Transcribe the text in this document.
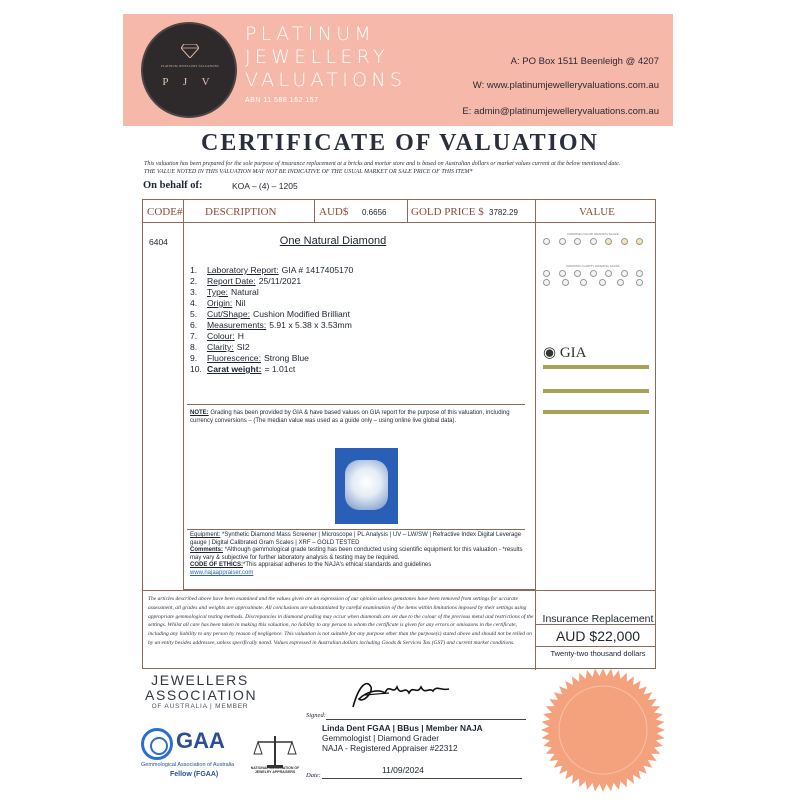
PLATINUM JEWELLERY VALUATIONS
P J V
PLATINUM
JEWELLERY
VALUATIONS
ABN 11 588 162 157
A: PO Box 1511 Beenleigh @ 4207
W: www.platinumjewelleryvaluations.com.au
E: admin@platinumjewelleryvaluations.com.au
CERTIFICATE OF VALUATION
This valuation has been prepared for the sole purpose of insurance replacement at a bricks and mortar store and is based on Australian dollars or market values current at the below mentioned date.
THE VALUE NOTED IN THIS VALUATION MAY NOT BE INDICATIVE OF THE USUAL MARKET OR SALE PRICE OF THIS ITEM*
On behalf of:	KOA – (4) – 1205
CODE# DESCRIPTION	AUD$ 0.6656 GOLD PRICE $ 3782.29	VALUE
6404	One Natural Diamond
1.	Laboratory Report: GIA # 1417405170
2.	Report Date: 25/11/2021
3.	Type: Natural
4.	Origin: Nil
5.	Cut/Shape: Cushion Modified Brilliant
6.	Measurements: 5.91 x 5.38 x 3.53mm
7.	Colour: H
8.	Clarity: SI2
9.	Fluorescence: Strong Blue
10. Carat weight: = 1.01ct
NOTE: Grading has been provided by GIA & have based values on GIA report for the purpose of this valuation, including currency conversions – (The median value was used as a guide only – using online live global data).
Equipment: *Synthetic Diamond Mass Screener | Microscope | PL Analysis | UV – LW/SW | Refractive Index Digital Leverage gauge | Digital Calibrated Gram Scales | XRF – GOLD TESTED
Comments: *Although gemmological grade testing has been conducted using scientific equipment for this valuation - *results may vary & subjective for further laboratory analysis & testing may be required.
CODE OF ETHICS:*This appraisal adheres to the NAJA's ethical standards and guidelines
www.najaappraiser.com
DIAMOND COLOR GRADING SCALE
DIAMOND CLARITY GRADING SCALE
◉ GIA
The articles described above have been examined and the values given are an expression of our opinion unless gemstones have been removed from settings for accurate assessment, all grades and weights are approximate. All conclusions are substantiated by careful examination of the items within limitations imposed by their settings using appropriate gemmological testing methods. Discrepancies in diamond grading may occur when diamonds are set due to the colour of the precious metal and restrictions of the settings. Whilst all care has been taken in making this valuation, no liability to any person to whom the certificate is given for any errors or omissions in the certificate, including any liability to any person by reason of negligence. This valuation is not suitable for any purpose other than the purpose(s) stated above and should not be relied on by an entity besides addressee, unless specifically noted. Values expressed in Australian dollars including Goods & Services Tax (GST) and current market conditions.
Insurance Replacement
AUD $22,000
Twenty-two thousand dollars
JEWELLERS
ASSOCIATION
OF AUSTRALIA | MEMBER
GAA
Gemmological Association of Australia
Fellow (FGAA)
NATIONAL ASSOCIATION OF JEWELRY APPRAISERS
Signed:
Linda Dent FGAA | BBus | Member NAJA
Gemmologist | Diamond Grader
NAJA - Registered Appraiser #22312
Date:
11/09/2024
